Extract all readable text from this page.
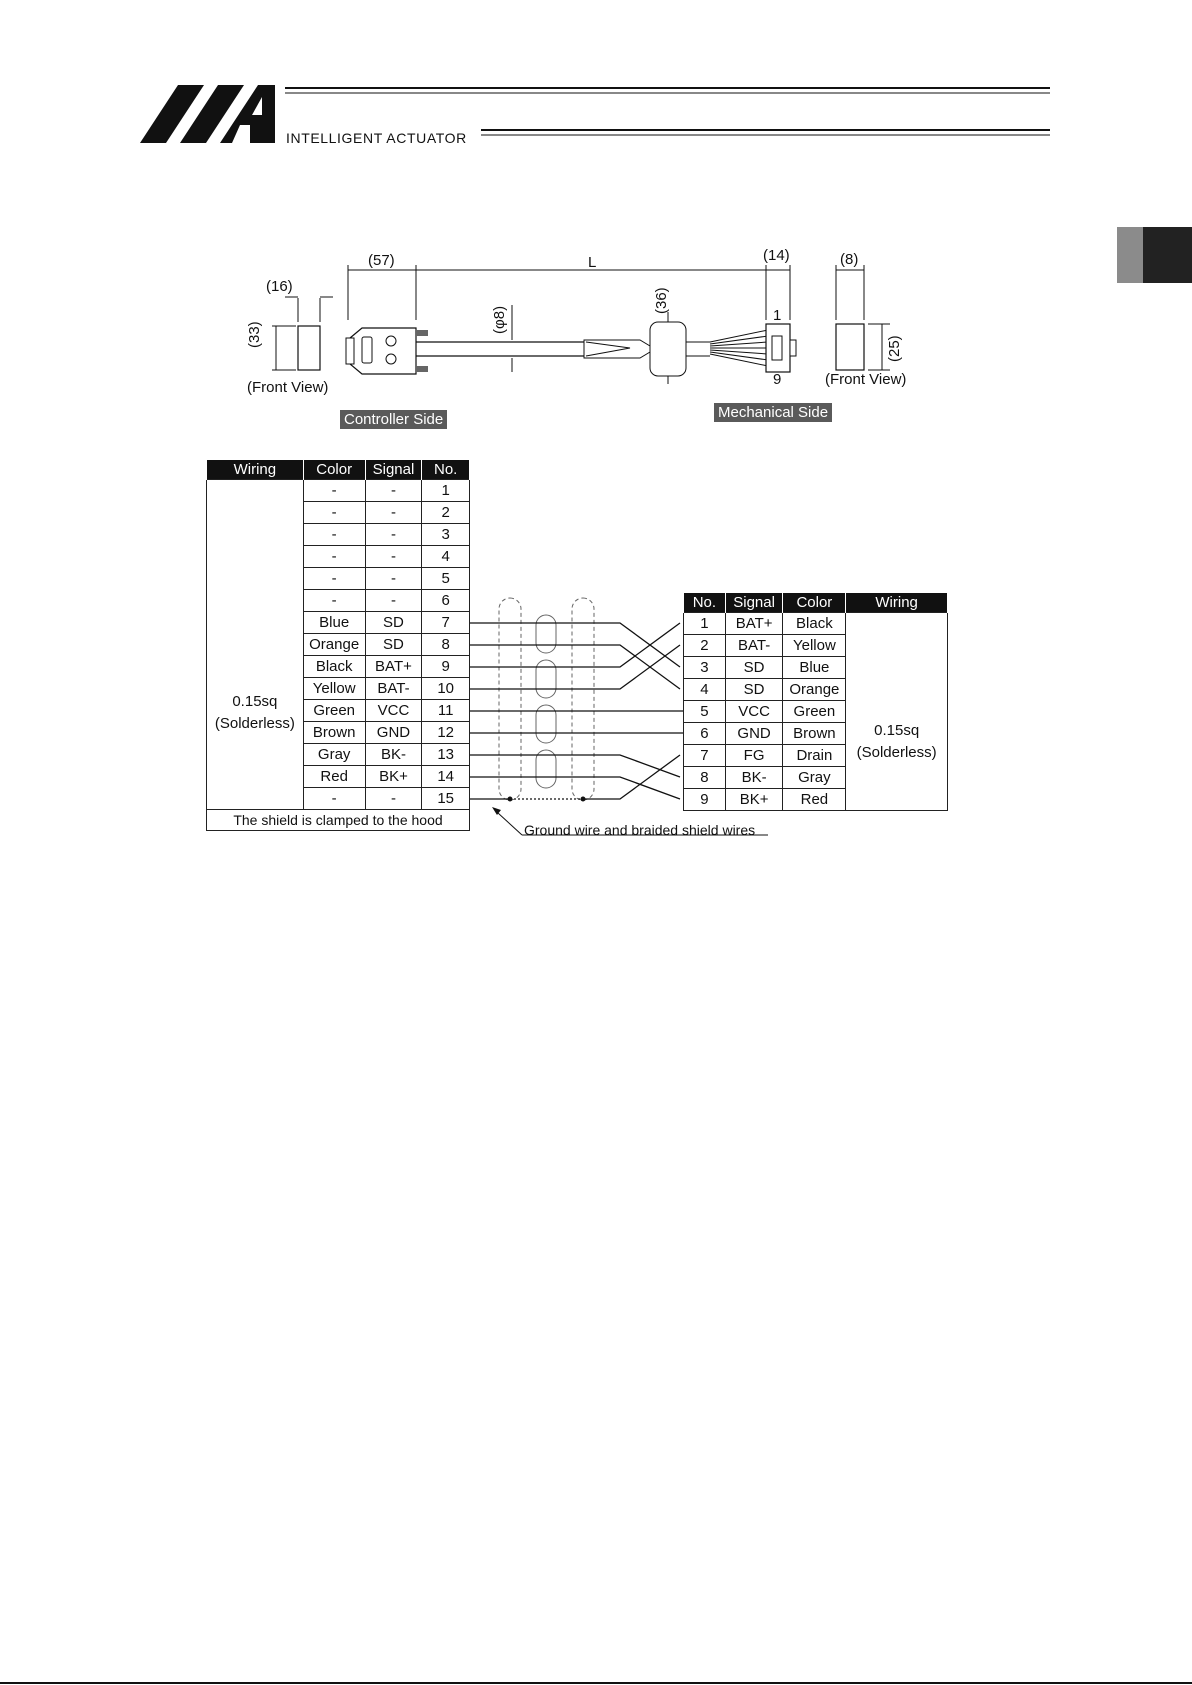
INTELLIGENT ACTUATOR
(16)
(33)
(Front View)
(57)	L
(φ8)
(36)
(14)
1
9
(8)
(25)
(Front View)
Controller Side	Mechanical Side
Wiring	Color	Signal	No.

0.15sq
(Solderless)	-	-	1
	-	-	2
	-	-	3
	-	-	4
	-	-	5
	-	-	6
	Blue	SD	7
	Orange	SD	8
	Black	BAT+	9
	Yellow	BAT-	10
	Green	VCC	11
	Brown	GND	12
	Gray	BK-	13
	Red	BK+	14
	-	-	15
The shield is clamped to the hood			
No.	Signal	Color	Wiring
1	BAT+	Black	0.15sq
(Solderless)

2	BAT-	Yellow	
3	SD	Blue	
4	SD	Orange	
5	VCC	Green	
6	GND	Brown	
7	FG	Drain	
8	BK-	Gray	
9	BK+	Red	
Ground wire and braided shield wires
